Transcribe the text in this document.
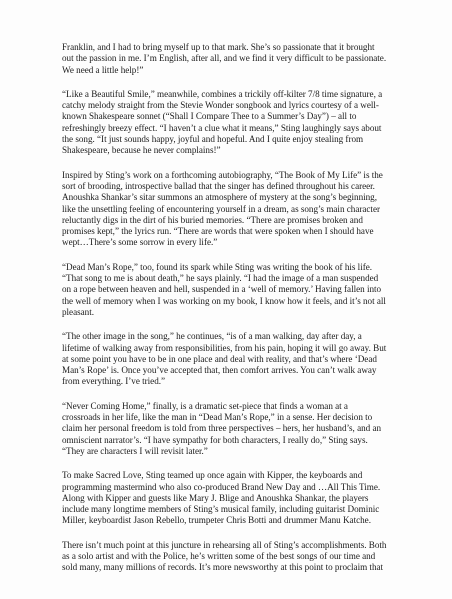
Franklin, and I had to bring myself up to that mark. She’s so passionate that it brought
out the passion in me. I’m English, after all, and we find it very difficult to be passionate.
We need a little help!”

“Like a Beautiful Smile,” meanwhile, combines a trickily off-kilter 7/8 time signature, a
catchy melody straight from the Stevie Wonder songbook and lyrics courtesy of a well-
known Shakespeare sonnet (“Shall I Compare Thee to a Summer’s Day”) – all to
refreshingly breezy effect. “I haven’t a clue what it means,” Sting laughingly says about
the song. “It just sounds happy, joyful and hopeful. And I quite enjoy stealing from
Shakespeare, because he never complains!”

Inspired by Sting’s work on a forthcoming autobiography, “The Book of My Life” is the
sort of brooding, introspective ballad that the singer has defined throughout his career.
Anoushka Shankar’s sitar summons an atmosphere of mystery at the song’s beginning,
like the unsettling feeling of encountering yourself in a dream, as song’s main character
reluctantly digs in the dirt of his buried memories. “There are promises broken and
promises kept,” the lyrics run. “There are words that were spoken when I should have
wept…There’s some sorrow in every life.”

“Dead Man’s Rope,” too, found its spark while Sting was writing the book of his life.
“That song to me is about death,” he says plainly. “I had the image of a man suspended
on a rope between heaven and hell, suspended in a ‘well of memory.’ Having fallen into
the well of memory when I was working on my book, I know how it feels, and it’s not all
pleasant.

“The other image in the song,” he continues, “is of a man walking, day after day, a
lifetime of walking away from responsibilities, from his pain, hoping it will go away. But
at some point you have to be in one place and deal with reality, and that’s where ‘Dead
Man’s Rope’ is. Once you’ve accepted that, then comfort arrives. You can’t walk away
from everything. I’ve tried.”

“Never Coming Home,” finally, is a dramatic set-piece that finds a woman at a
crossroads in her life, like the man in “Dead Man’s Rope,” in a sense. Her decision to
claim her personal freedom is told from three perspectives – hers, her husband’s, and an
omniscient narrator’s. “I have sympathy for both characters, I really do,” Sting says.
“They are characters I will revisit later.”

To make Sacred Love, Sting teamed up once again with Kipper, the keyboards and
programming mastermind who also co-produced Brand New Day and …All This Time.
Along with Kipper and guests like Mary J. Blige and Anoushka Shankar, the players
include many longtime members of Sting’s musical family, including guitarist Dominic
Miller, keyboardist Jason Rebello, trumpeter Chris Botti and drummer Manu Katche.

There isn’t much point at this juncture in rehearsing all of Sting’s accomplishments. Both
as a solo artist and with the Police, he’s written some of the best songs of our time and
sold many, many millions of records. It’s more newsworthy at this point to proclaim that
